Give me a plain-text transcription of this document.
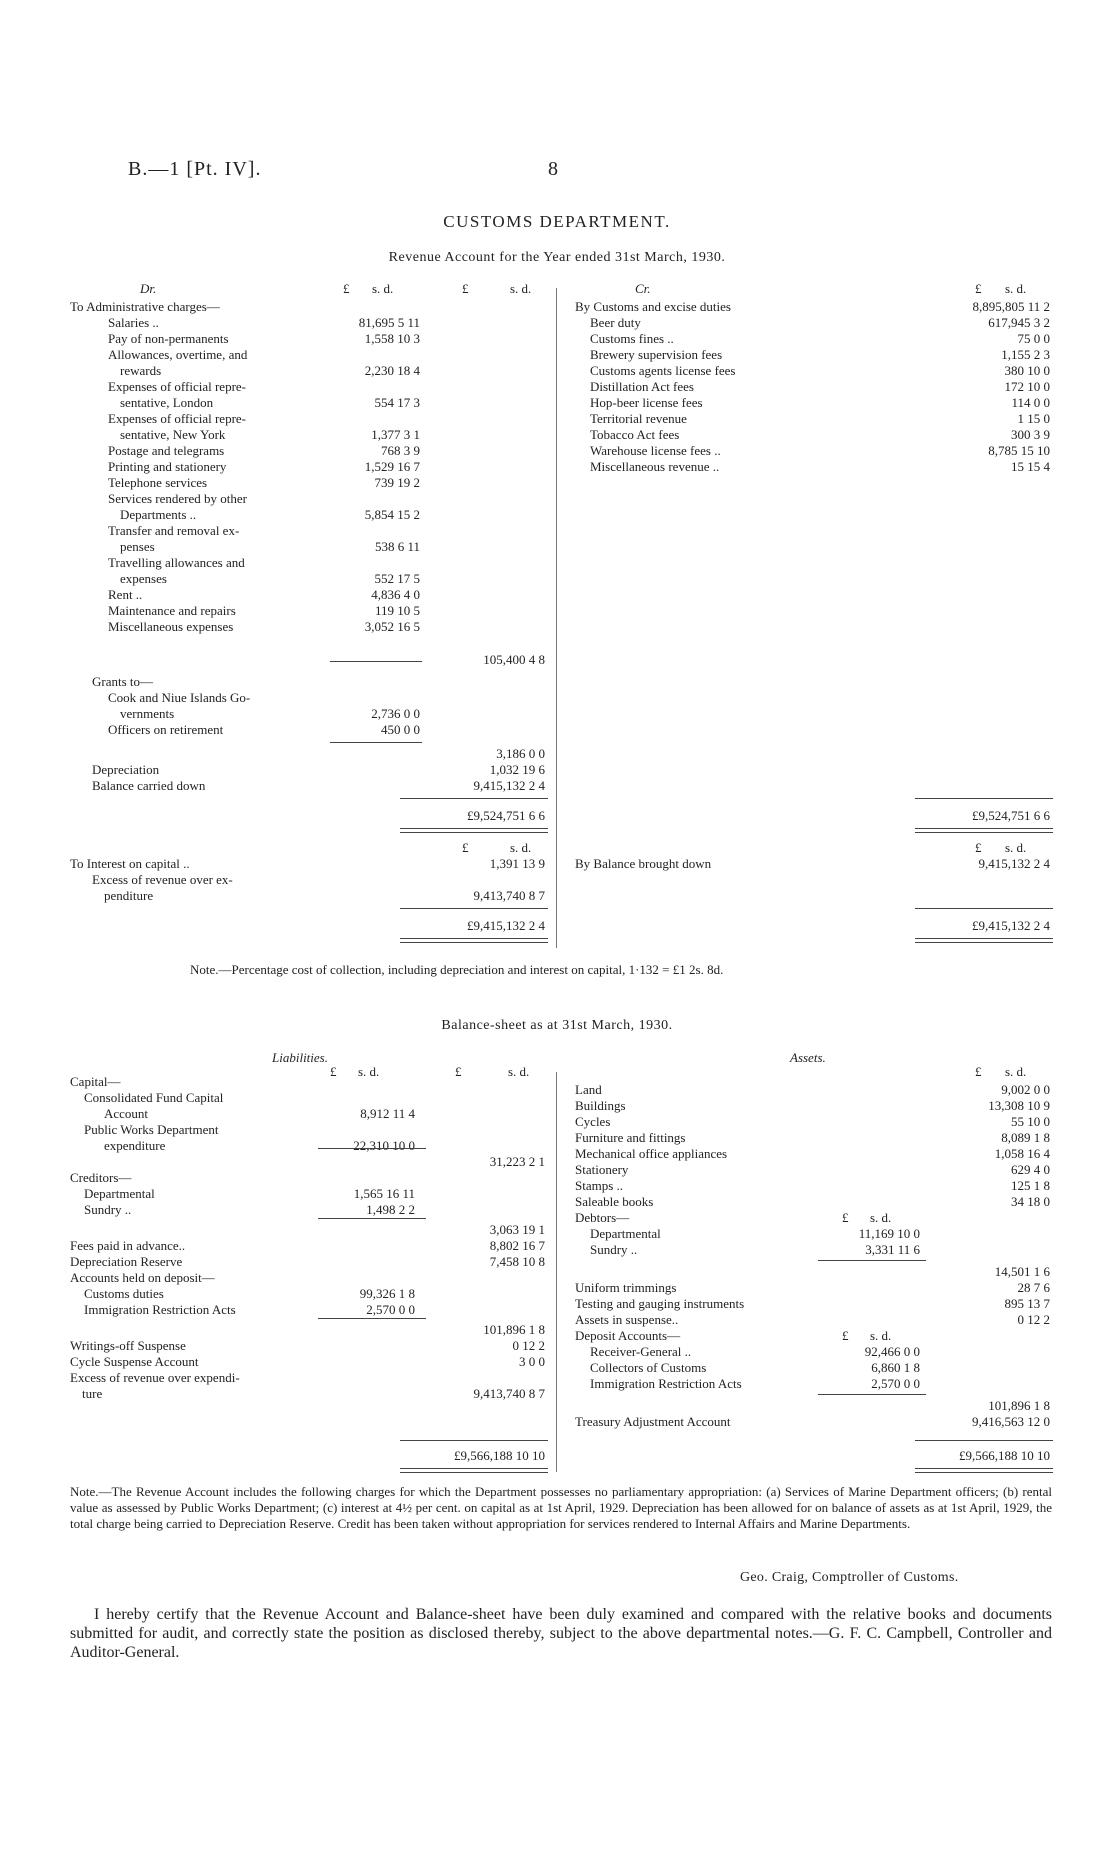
B.—1 [Pt. IV].	8
CUSTOMS DEPARTMENT.
Revenue Account for the Year ended 31st March, 1930.
Dr.	£ s. d.	£	s. d.	Cr.	£ s. d.
To Administrative charges—
Salaries ..	81,695 5 11
Pay of non-permanents	1,558 10 3
Allowances, overtime, and
rewards	2,230 18 4
Expenses of official repre-
sentative, London	554 17 3
Expenses of official repre-
sentative, New York	1,377 3 1
Postage and telegrams	768 3 9
Printing and stationery	1,529 16 7
Telephone services	739 19 2
Services rendered by other
Departments ..	5,854 15 2
Transfer and removal ex-
penses	538 6 11
Travelling allowances and
expenses	552 17 5
Rent ..	4,836 4 0
Maintenance and repairs	119 10 5
Miscellaneous expenses	3,052 16 5
105,400 4 8
Grants to—
Cook and Niue Islands Go-
vernments	2,736 0 0
Officers on retirement	450 0 0
3,186 0 0
Depreciation	1,032 19 6
Balance carried down	9,415,132 2 4
£9,524,751 6 6
By Customs and excise duties	8,895,805 11 2
Beer duty	617,945 3 2
Customs fines ..	75 0 0
Brewery supervision fees	1,155 2 3
Customs agents license fees	380 10 0
Distillation Act fees	172 10 0
Hop-beer license fees	114 0 0
Territorial revenue	1 15 0
Tobacco Act fees	300 3 9
Warehouse license fees ..	8,785 15 10
Miscellaneous revenue ..	15 15 4
£9,524,751 6 6
£	s. d.	£ s. d.
To Interest on capital ..	1,391 13 9
Excess of revenue over ex-
penditure	9,413,740 8 7
By Balance brought down	9,415,132 2 4
£9,415,132 2 4	£9,415,132 2 4
Note.—Percentage cost of collection, including depreciation and interest on capital, 1·132 = £1 2s. 8d.
Balance-sheet as at 31st March, 1930.
Liabilities.	Assets.
£ s. d.	£	s. d.	£ s. d.
Capital—
Consolidated Fund Capital
Account	8,912 11 4
Public Works Department
expenditure	22,310 10 0
31,223 2 1
Creditors—
Departmental	1,565 16 11
Sundry ..	1,498 2 2
3,063 19 1
Fees paid in advance..	8,802 16 7
Depreciation Reserve	7,458 10 8
Accounts held on deposit—
Customs duties	99,326 1 8
Immigration Restriction Acts	2,570 0 0
101,896 1 8
Writings-off Suspense	0 12 2
Cycle Suspense Account	3 0 0
Excess of revenue over expendi-
ture	9,413,740 8 7
£9,566,188 10 10
Land	9,002 0 0
Buildings	13,308 10 9
Cycles	55 10 0
Furniture and fittings	8,089 1 8
Mechanical office appliances	1,058 16 4
Stationery	629 4 0
Stamps ..	125 1 8
Saleable books	34 18 0
Debtors—	£ s. d.
Departmental	11,169 10 0
Sundry ..	3,331 11 6
14,501 1 6
Uniform trimmings	28 7 6
Testing and gauging instruments	895 13 7
Assets in suspense..	0 12 2
Deposit Accounts—	£ s. d.
Receiver-General ..	92,466 0 0
Collectors of Customs	6,860 1 8
Immigration Restriction Acts	2,570 0 0
101,896 1 8
Treasury Adjustment Account	9,416,563 12 0
£9,566,188 10 10
Note.—The Revenue Account includes the following charges for which the Department possesses no parliamentary appropriation: (a) Services of Marine Department officers; (b) rental value as assessed by Public Works Department; (c) interest at 4½ per cent. on capital as at 1st April, 1929. Depreciation has been allowed for on balance of assets as at 1st April, 1929, the total charge being carried to Depreciation Reserve. Credit has been taken without appropriation for services rendered to Internal Affairs and Marine Departments.
Geo. Craig, Comptroller of Customs.
I hereby certify that the Revenue Account and Balance-sheet have been duly examined and compared with the relative books and documents submitted for audit, and correctly state the position as disclosed thereby, subject to the above departmental notes.—G. F. C. Campbell, Controller and Auditor-General.
